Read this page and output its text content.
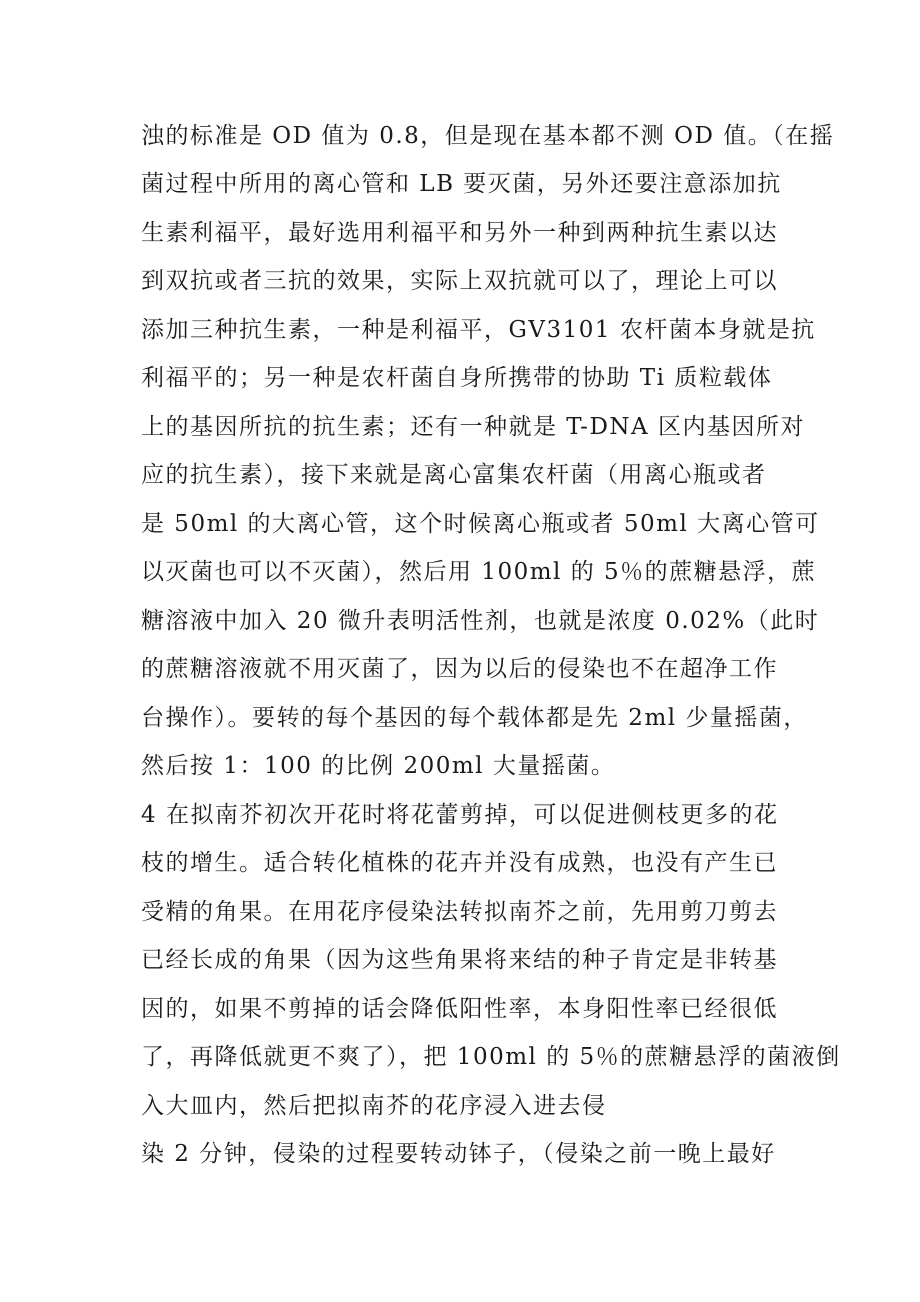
浊的标准是 OD 值为 0.8，但是现在基本都不测 OD 值。（在摇
菌过程中所用的离心管和 LB 要灭菌，另外还要注意添加抗
生素利福平，最好选用利福平和另外一种到两种抗生素以达
到双抗或者三抗的效果，实际上双抗就可以了，理论上可以
添加三种抗生素，一种是利福平，GV3101 农杆菌本身就是抗
利福平的；另一种是农杆菌自身所携带的协助 Ti 质粒载体
上的基因所抗的抗生素；还有一种就是 T-DNA 区内基因所对
应的抗生素），接下来就是离心富集农杆菌（用离心瓶或者
是 50ml 的大离心管，这个时候离心瓶或者 50ml 大离心管可
以灭菌也可以不灭菌），然后用 100ml 的 5％的蔗糖悬浮，蔗
糖溶液中加入 20 微升表明活性剂，也就是浓度 0.02%（此时
的蔗糖溶液就不用灭菌了，因为以后的侵染也不在超净工作
台操作）。要转的每个基因的每个载体都是先 2ml 少量摇菌，
然后按 1：100 的比例 200ml 大量摇菌。
4 在拟南芥初次开花时将花蕾剪掉，可以促进侧枝更多的花
枝的增生。适合转化植株的花卉并没有成熟，也没有产生已
受精的角果。在用花序侵染法转拟南芥之前，先用剪刀剪去
已经长成的角果（因为这些角果将来结的种子肯定是非转基
因的，如果不剪掉的话会降低阳性率，本身阳性率已经很低
了，再降低就更不爽了），把 100ml 的 5％的蔗糖悬浮的菌液倒
入大皿内，然后把拟南芥的花序浸入进去侵
染 2 分钟，侵染的过程要转动钵子，（侵染之前一晚上最好
